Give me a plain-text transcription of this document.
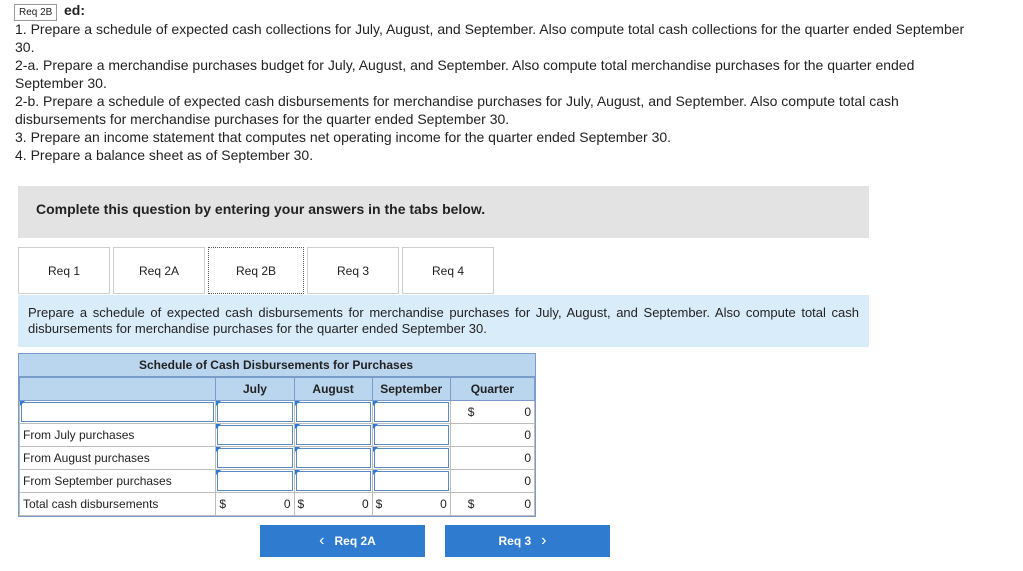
Req 2B ed:
1. Prepare a schedule of expected cash collections for July, August, and September. Also compute total cash collections for the quarter ended September 30.
2-a. Prepare a merchandise purchases budget for July, August, and September. Also compute total merchandise purchases for the quarter ended September 30.
2-b. Prepare a schedule of expected cash disbursements for merchandise purchases for July, August, and September. Also compute total cash disbursements for merchandise purchases for the quarter ended September 30.
3. Prepare an income statement that computes net operating income for the quarter ended September 30.
4. Prepare a balance sheet as of September 30.
Complete this question by entering your answers in the tabs below.
Req 1	Req 2A	Req 2B	Req 3	Req 4
Prepare a schedule of expected cash disbursements for merchandise purchases for July, August, and September. Also compute total cash disbursements for merchandise purchases for the quarter ended September 30.
Schedule of Cash Disbursements for Purchases
	July	August	September	Quarter

				$ 0

From July purchases				0

From August purchases				0

From September purchases				0

Total cash disbursements	$ 0	$ 0	$ 0	$ 0
‹ Req 2A	Req 3 ›
